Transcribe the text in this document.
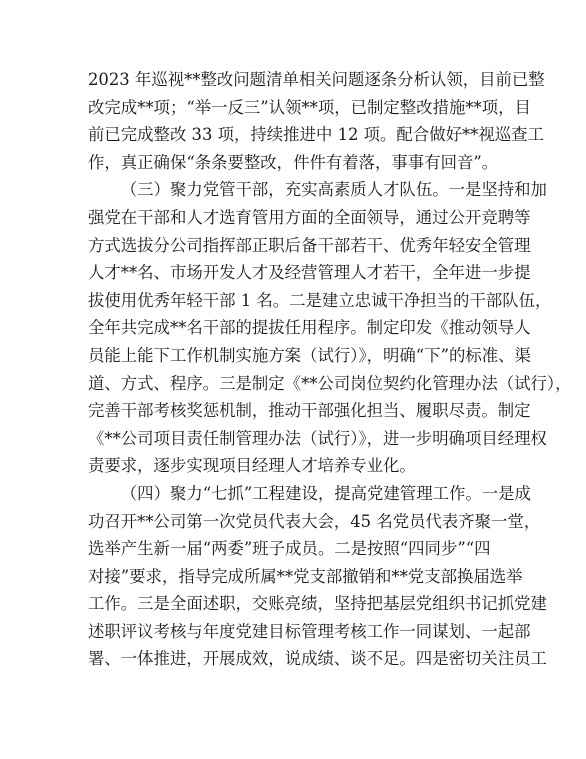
2023 年巡视**整改问题清单相关问题逐条分析认领，目前已整
改完成**项；“举一反三”认领**项，已制定整改措施**项，目
前已完成整改 33 项，持续推进中 12 项。配合做好**视巡查工
作，真正确保“条条要整改，件件有着落，事事有回音”。

（三）聚力党管干部，充实高素质人才队伍。一是坚持和加
强党在干部和人才选育管用方面的全面领导，通过公开竞聘等
方式选拔分公司指挥部正职后备干部若干、优秀年轻安全管理
人才**名、市场开发人才及经营管理人才若干，全年进一步提
拔使用优秀年轻干部 1 名。二是建立忠诚干净担当的干部队伍，
全年共完成**名干部的提拔任用程序。制定印发《推动领导人
员能上能下工作机制实施方案（试行）》，明确“下”的标准、渠
道、方式、程序。三是制定《**公司岗位契约化管理办法（试行），
完善干部考核奖惩机制，推动干部强化担当、履职尽责。制定
《**公司项目责任制管理办法（试行）》，进一步明确项目经理权
责要求，逐步实现项目经理人才培养专业化。

（四）聚力“七抓”工程建设，提高党建管理工作。一是成
功召开**公司第一次党员代表大会，45 名党员代表齐聚一堂，
选举产生新一届“两委”班子成员。二是按照“四同步”“四
对接”要求，指导完成所属**党支部撤销和**党支部换届选举
工作。三是全面述职，交账亮绩，坚持把基层党组织书记抓党建
述职评议考核与年度党建目标管理考核工作一同谋划、一起部
署、一体推进，开展成效，说成绩、谈不足。四是密切关注员工
